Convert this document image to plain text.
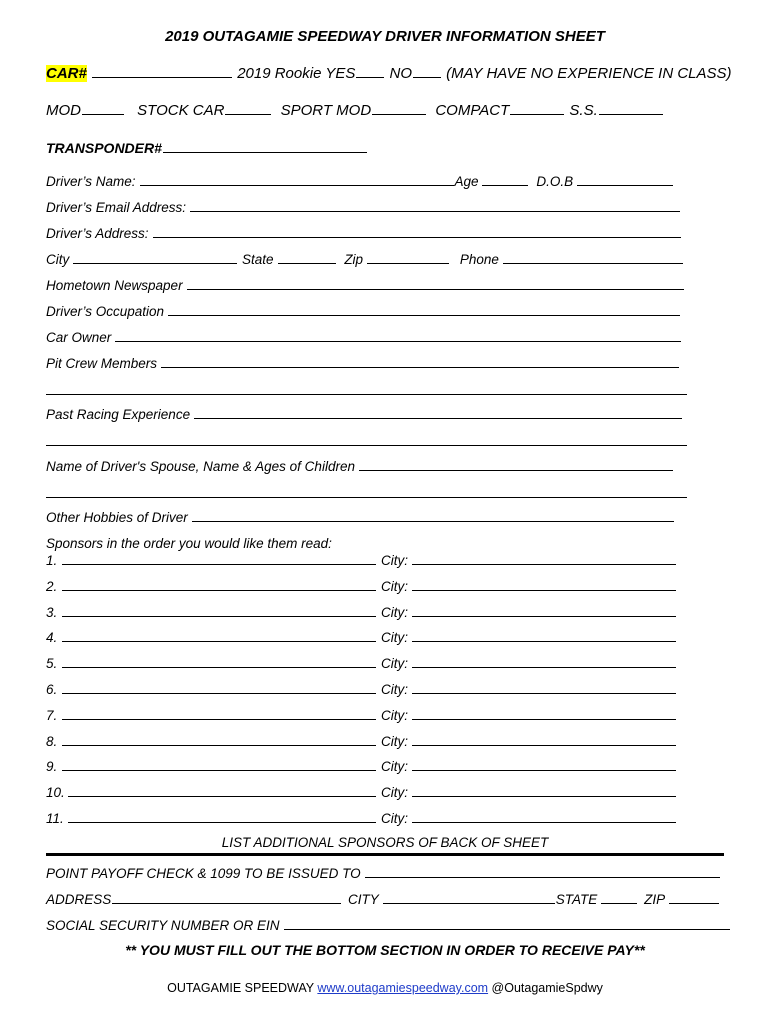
2019 OUTAGAMIE SPEEDWAY DRIVER INFORMATION SHEET
CAR#	2019 Rookie YES NO (MAY HAVE NO EXPERIENCE IN CLASS)
MOD	STOCK CAR	SPORT MOD	COMPACT	S.S.
TRANSPONDER#
Driver’s Name:	Age	D.O.B
Driver’s Email Address:
Driver’s Address:
City	State	Zip	Phone
Hometown Newspaper
Driver’s Occupation
Car Owner
Pit Crew Members
Past Racing Experience
Name of Driver's Spouse, Name & Ages of Children
Other Hobbies of Driver
Sponsors in the order you would like them read:
1.	City:
2.	City:
3.	City:
4.	City:
5.	City:
6.	City:
7.	City:
8.	City:
9.	City:
10.	City:
11.	City:
LIST ADDITIONAL SPONSORS OF BACK OF SHEET
POINT PAYOFF CHECK & 1099 TO BE ISSUED TO
ADDRESS	CITY	STATE	ZIP
SOCIAL SECURITY NUMBER OR EIN
** YOU MUST FILL OUT THE BOTTOM SECTION IN ORDER TO RECEIVE PAY**
OUTAGAMIE SPEEDWAY www.outagamiespeedway.com @OutagamieSpdwy
